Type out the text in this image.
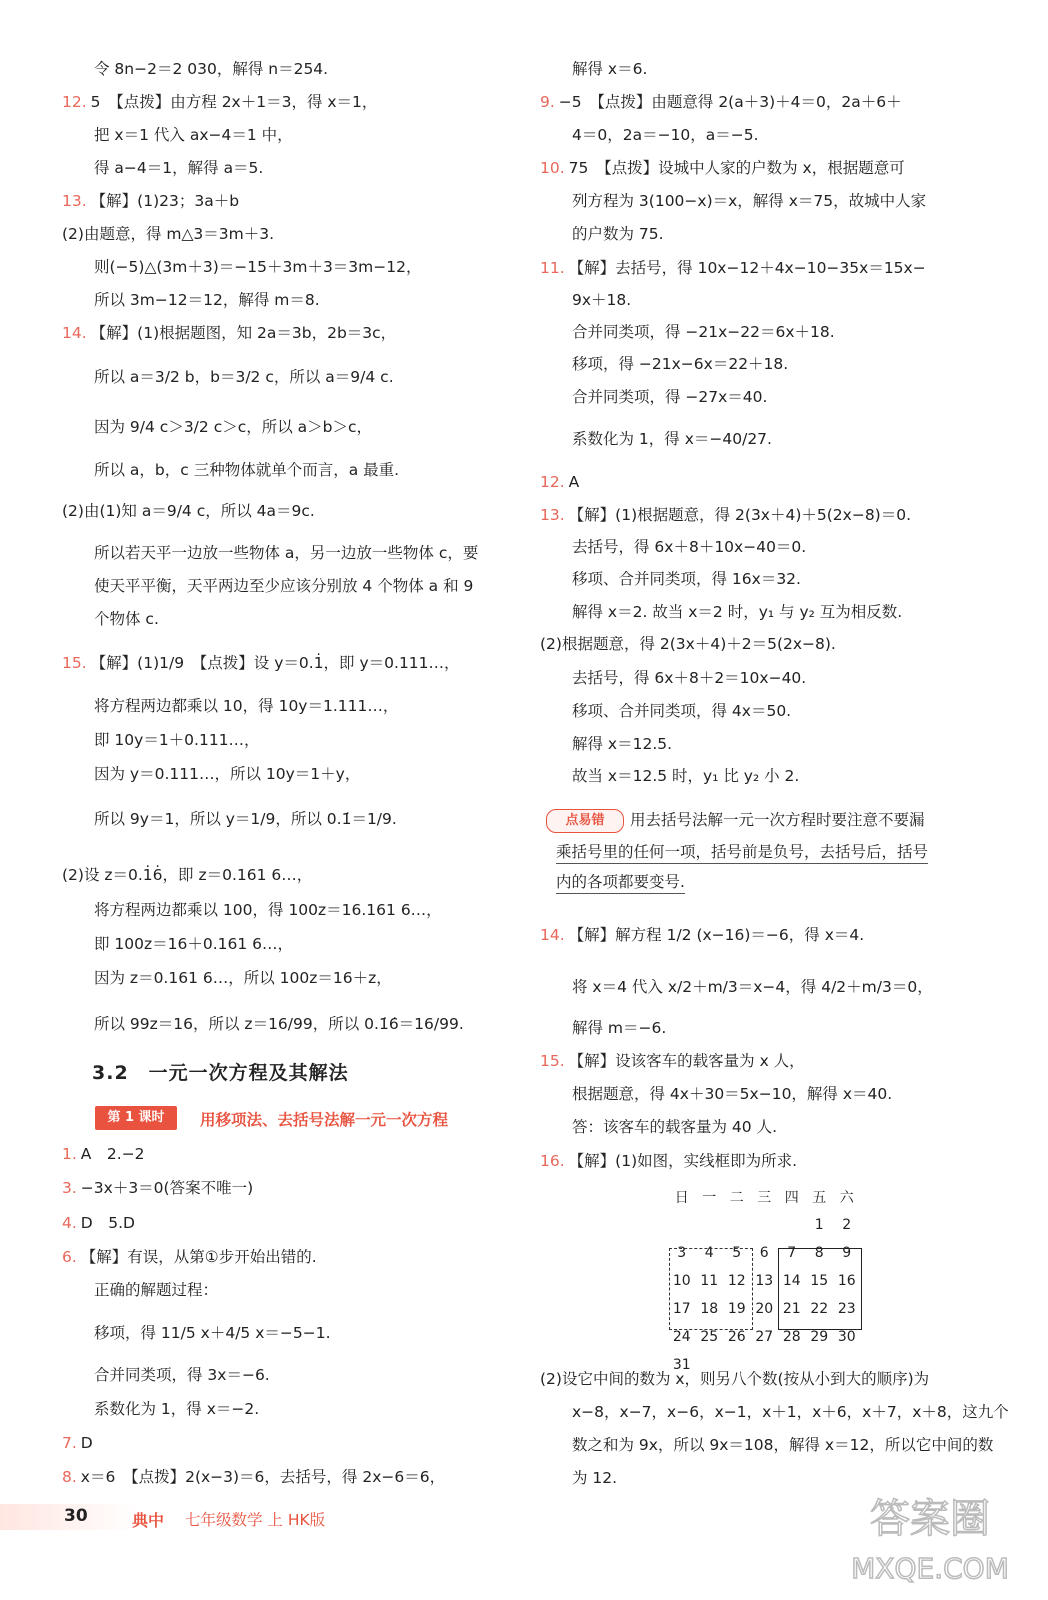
令 8n−2＝2 030，解得 n＝254.
12. 5　【点拨】由方程 2x＋1＝3，得 x＝1，
把 x＝1 代入 ax−4＝1 中，
得 a−4＝1，解得 a＝5.
13. 【解】(1)23；3a＋b
(2)由题意，得 m△3＝3m＋3.
则(−5)△(3m＋3)＝−15＋3m＋3＝3m−12，
所以 3m−12＝12，解得 m＝8.
14. 【解】(1)根据题图，知 2a＝3b，2b＝3c，
所以 a＝3/2 b，b＝3/2 c，所以 a＝9/4 c.
因为 9/4 c＞3/2 c＞c，所以 a＞b＞c，
所以 a，b，c 三种物体就单个而言，a 最重.
(2)由(1)知 a＝9/4 c，所以 4a＝9c.
所以若天平一边放一些物体 a，另一边放一些物体 c，要
使天平平衡，天平两边至少应该分别放 4 个物体 a 和 9
个物体 c.
15. 【解】(1)1/9　【点拨】设 y＝0.1̇，即 y＝0.111…，
将方程两边都乘以 10，得 10y＝1.111…，
即 10y＝1＋0.111…，
因为 y＝0.111…，所以 10y＝1＋y，
所以 9y＝1，所以 y＝1/9，所以 0.1̇＝1/9.
(2)设 z＝0.1̇6̇，即 z＝0.161 6…，
将方程两边都乘以 100，得 100z＝16.161 6…，
即 100z＝16＋0.161 6…，
因为 z＝0.161 6…，所以 100z＝16＋z，
所以 99z＝16，所以 z＝16/99，所以 0.1̇6̇＝16/99.
1. A　2.−2
3. −3x＋3＝0(答案不唯一)
4. D　5.D
6. 【解】有误，从第①步开始出错的.
正确的解题过程：
移项，得 11/5 x＋4/5 x＝−5−1.
合并同类项，得 3x＝−6.
系数化为 1，得 x＝−2.
7. D
8. x＝6　【点拨】2(x−3)＝6，去括号，得 2x−6＝6，
解得 x＝6.
9. −5　【点拨】由题意得 2(a＋3)＋4＝0，2a＋6＋
4＝0，2a＝−10，a＝−5.
10. 75　【点拨】设城中人家的户数为 x，根据题意可
列方程为 3(100−x)＝x，解得 x＝75，故城中人家
的户数为 75.
11. 【解】去括号，得 10x−12＋4x−10−35x＝15x−
9x＋18.
合并同类项，得 −21x−22＝6x＋18.
移项，得 −21x−6x＝22＋18.
合并同类项，得 −27x＝40.
系数化为 1，得 x＝−40/27.
12. A
13. 【解】(1)根据题意，得 2(3x＋4)＋5(2x−8)＝0.
去括号，得 6x＋8＋10x−40＝0.
移项、合并同类项，得 16x＝32.
解得 x＝2. 故当 x＝2 时，y₁ 与 y₂ 互为相反数.
(2)根据题意，得 2(3x＋4)＋2＝5(2x−8).
去括号，得 6x＋8＋2＝10x−40.
移项、合并同类项，得 4x＝50.
解得 x＝12.5.
故当 x＝12.5 时，y₁ 比 y₂ 小 2.
14. 【解】解方程 1/2 (x−16)＝−6，得 x＝4.
将 x＝4 代入 x/2＋m/3＝x−4，得 4/2＋m/3＝0，
解得 m＝−6.
15. 【解】设该客车的载客量为 x 人，
根据题意，得 4x＋30＝5x−10，解得 x＝40.
答：该客车的载客量为 40 人.
16. 【解】(1)如图，实线框即为所求.
(2)设它中间的数为 x，则另八个数(按从小到大的顺序)为
x−8，x−7，x−6，x−1，x＋1，x＋6，x＋7，x＋8，这九个
数之和为 9x，所以 9x＝108，解得 x＝12，所以它中间的数
为 12.
3.2　一元一次方程及其解法
第 1 课时	用移项法、去括号法解一元一次方程
点易错	用去括号法解一元一次方程时要注意不要漏
乘括号里的任何一项，括号前是负号，去括号后，括号
内的各项都要变号.
日	一	二	三	四	五	六
					1	2
3	4	5	6	7	8	9
10	11	12	13	14	15	16
17	18	19	20	21	22	23
24	25	26	27	28	29	30
31						
30	典中 七年级数学 上 HK版	答案圈
MXQE.COM
